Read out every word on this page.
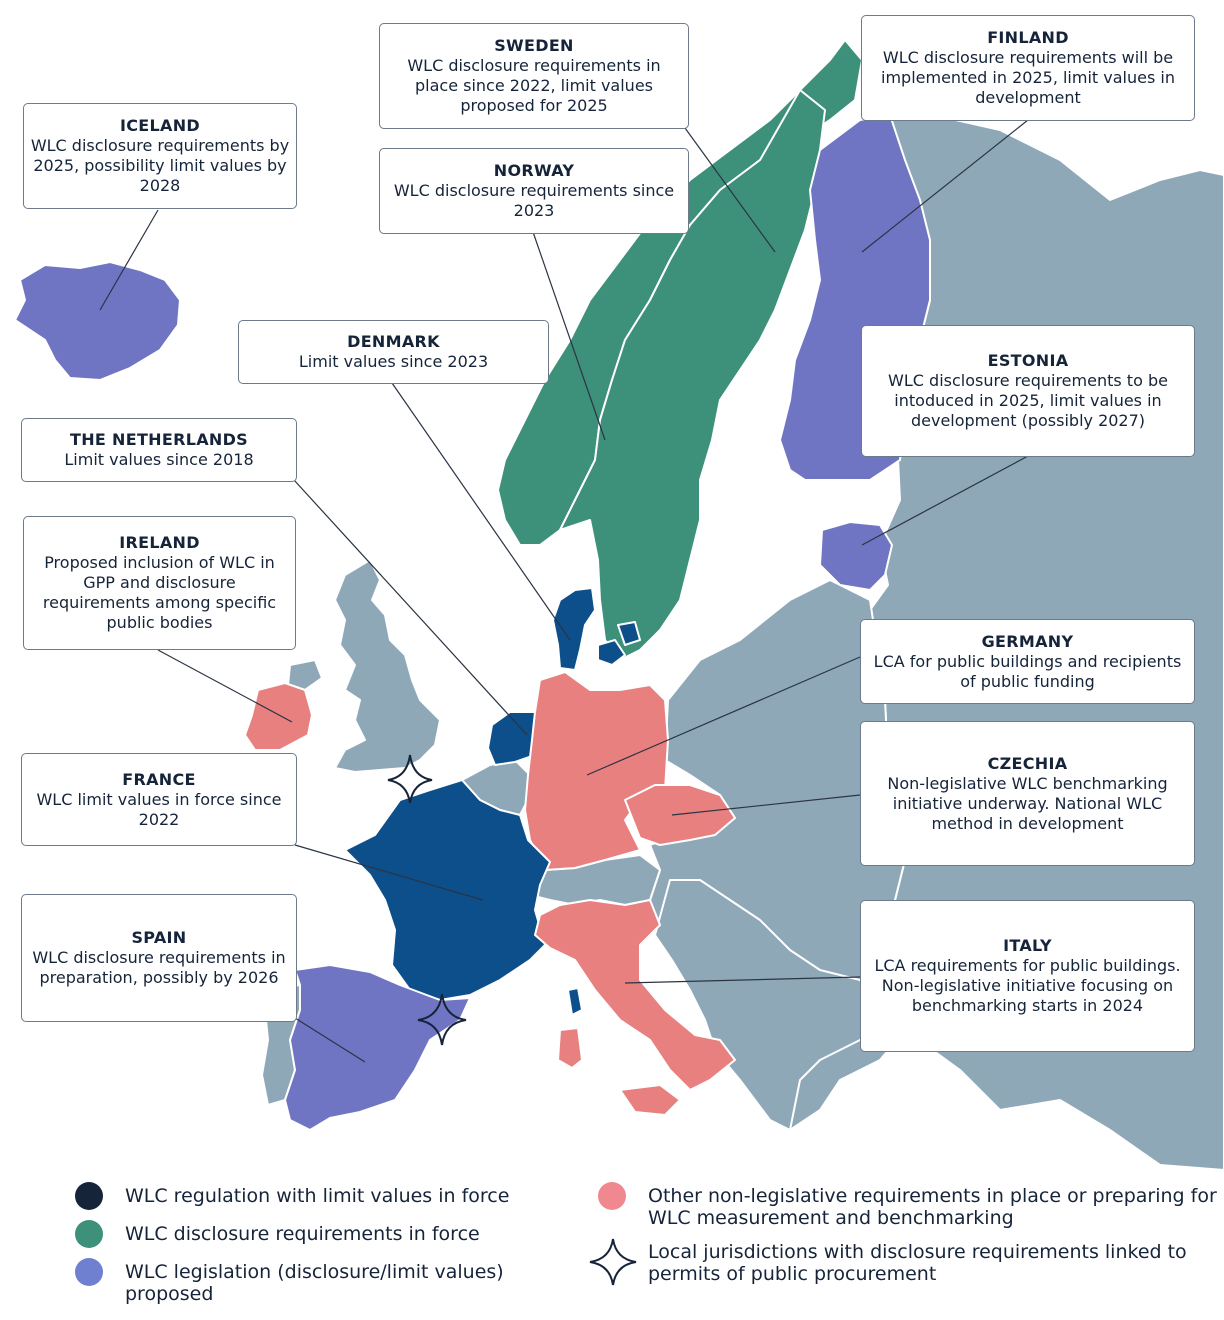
SWEDEN
WLC disclosure requirements in place since 2022, limit values proposed for 2025
FINLAND
WLC disclosure requirements will be implemented in 2025, limit values in development
ICELAND
WLC disclosure requirements by 2025, possibility limit values by 2028
NORWAY
WLC disclosure requirements since 2023
DENMARK
Limit values since 2023	ESTONIA
WLC disclosure requirements to be intoduced in 2025, limit values in development (possibly 2027)
THE NETHERLANDS
Limit values since 2018
IRELAND
Proposed inclusion of WLC in GPP and disclosure requirements among specific public bodies
GERMANY
LCA for public buildings and recipients of public funding
CZECHIA
Non-legislative WLC benchmarking initiative underway. National WLC method in development
FRANCE
WLC limit values in force since 2022
SPAIN
WLC disclosure requirements in preparation, possibly by 2026
ITALY
LCA requirements for public buildings. Non-legislative initiative focusing on benchmarking starts in 2024
WLC regulation with limit values in force
WLC disclosure requirements in force
WLC legislation (disclosure/limit values) proposed
Other non-legislative requirements in place or preparing for WLC measurement and benchmarking
Local jurisdictions with disclosure requirements linked to permits of public procurement
